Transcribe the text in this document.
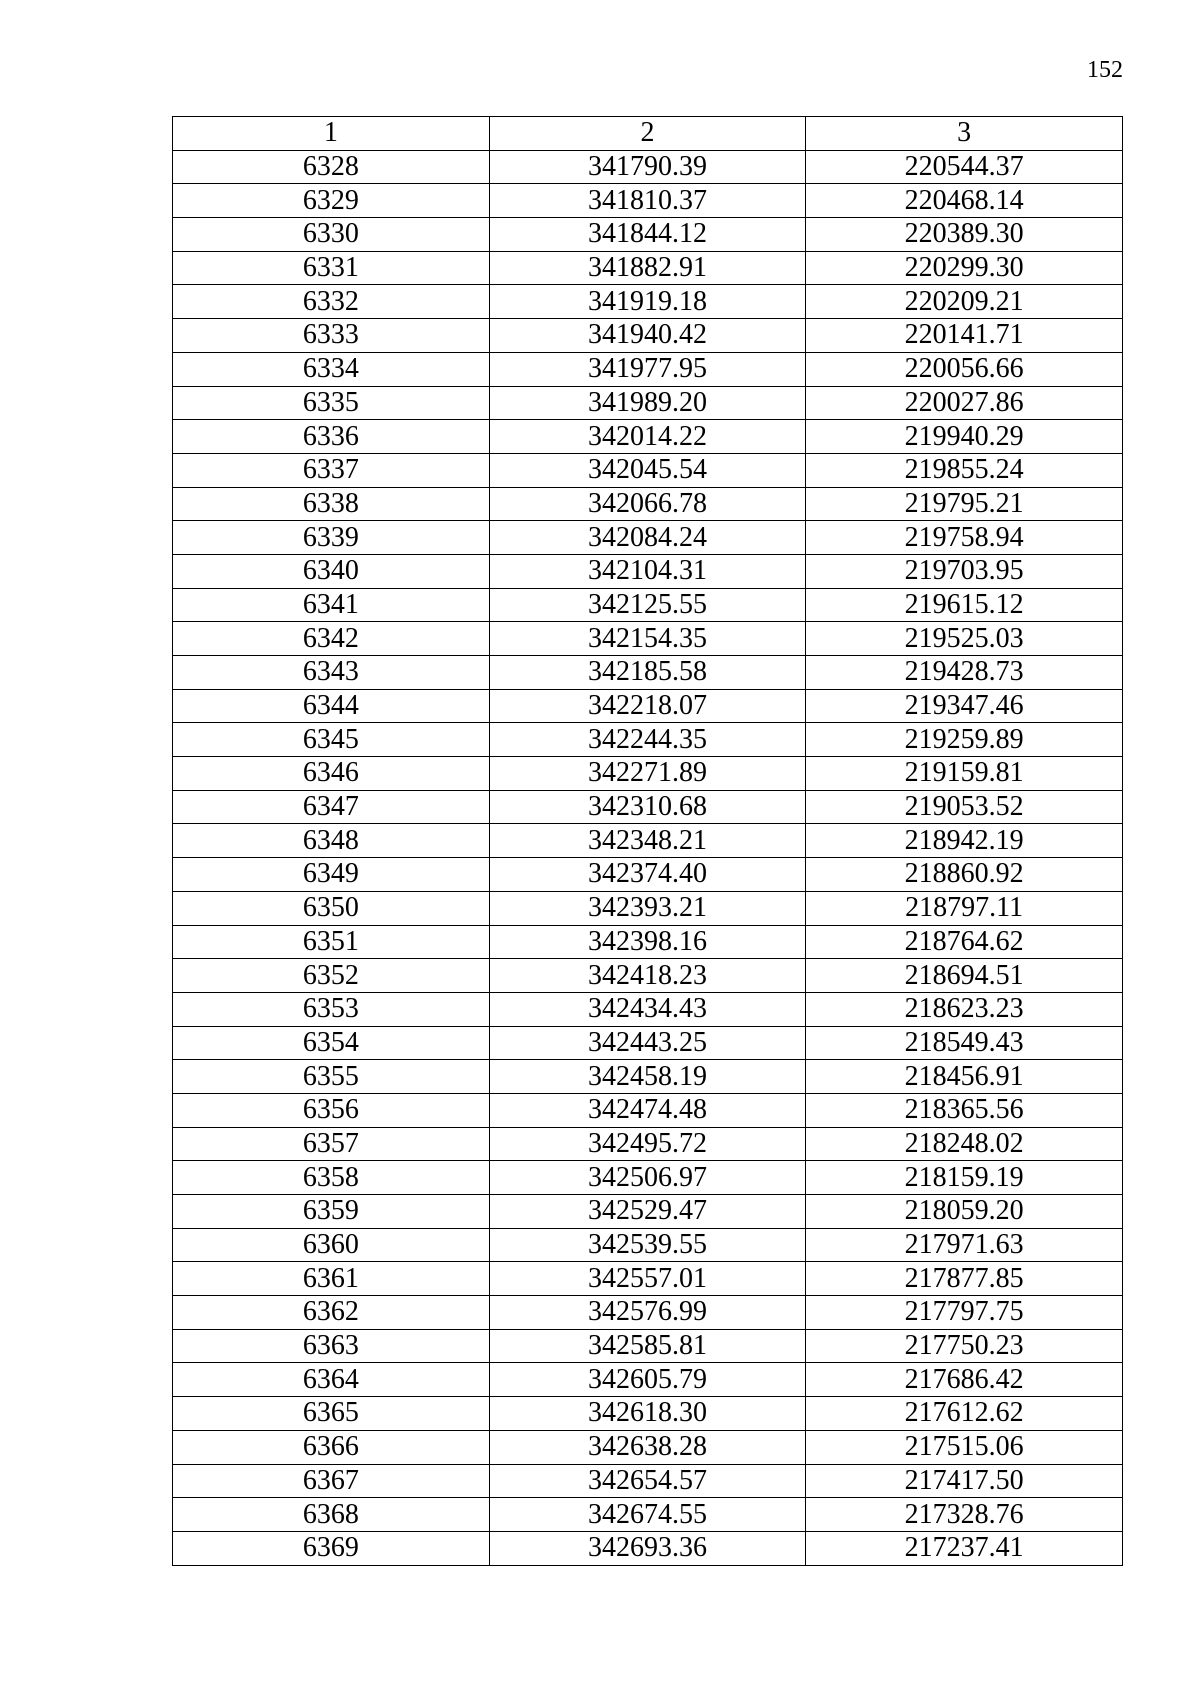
152
1	2	3
6328	341790.39	220544.37
6329	341810.37	220468.14
6330	341844.12	220389.30
6331	341882.91	220299.30
6332	341919.18	220209.21
6333	341940.42	220141.71
6334	341977.95	220056.66
6335	341989.20	220027.86
6336	342014.22	219940.29
6337	342045.54	219855.24
6338	342066.78	219795.21
6339	342084.24	219758.94
6340	342104.31	219703.95
6341	342125.55	219615.12
6342	342154.35	219525.03
6343	342185.58	219428.73
6344	342218.07	219347.46
6345	342244.35	219259.89
6346	342271.89	219159.81
6347	342310.68	219053.52
6348	342348.21	218942.19
6349	342374.40	218860.92
6350	342393.21	218797.11
6351	342398.16	218764.62
6352	342418.23	218694.51
6353	342434.43	218623.23
6354	342443.25	218549.43
6355	342458.19	218456.91
6356	342474.48	218365.56
6357	342495.72	218248.02
6358	342506.97	218159.19
6359	342529.47	218059.20
6360	342539.55	217971.63
6361	342557.01	217877.85
6362	342576.99	217797.75
6363	342585.81	217750.23
6364	342605.79	217686.42
6365	342618.30	217612.62
6366	342638.28	217515.06
6367	342654.57	217417.50
6368	342674.55	217328.76
6369	342693.36	217237.41
